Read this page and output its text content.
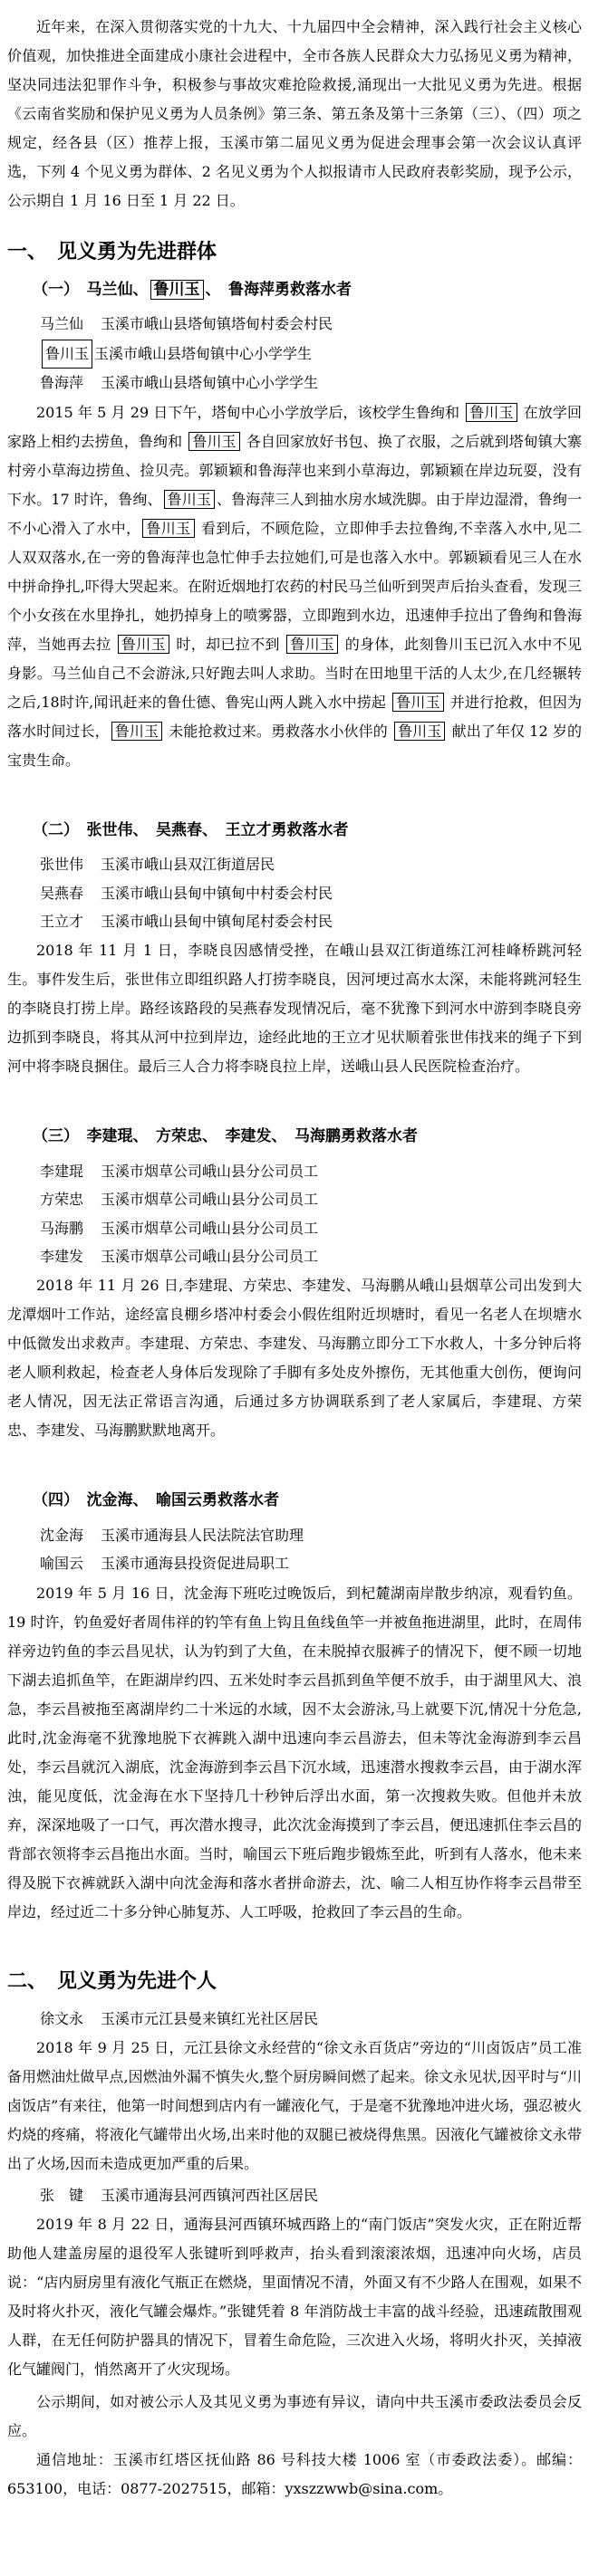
近年来，在深入贯彻落实党的十九大、十九届四中全会精神，深入践行社会主义核心价值观，加快推进全面建成小康社会进程中，全市各族人民群众大力弘扬见义勇为精神，坚决同违法犯罪作斗争，积极参与事故灾难抢险救援,涌现出一大批见义勇为先进。根据《云南省奖励和保护见义勇为人员条例》第三条、第五条及第十三条第（三）、（四）项之规定，经各县（区）推荐上报，玉溪市第二届见义勇为促进会理事会第一次会议认真评选，下列 4 个见义勇为群体、2 名见义勇为个人拟报请市人民政府表彰奖励，现予公示，公示期自 1 月 16 日至 1 月 22 日。

一、　见义勇为先进群体
（一）　马兰仙、 鲁川玉 、　鲁海萍勇救落水者
马兰仙 玉溪市峨山县塔甸镇塔甸村委会村民
鲁川玉 玉溪市峨山县塔甸镇中心小学学生
鲁海萍 玉溪市峨山县塔甸镇中心小学学生

2015 年 5 月 29 日下午，塔甸中心小学放学后，该校学生鲁绚和 鲁川玉 在放学回家路上相约去捞鱼，鲁绚和 鲁川玉 各自回家放好书包、换了衣服，之后就到塔甸镇大寨村旁小草海边捞鱼、捡贝壳。郭颖颖和鲁海萍也来到小草海边，郭颖颖在岸边玩耍，没有下水。17 时许，鲁绚、 鲁川玉 、鲁海萍三人到抽水房水域洗脚。由于岸边湿滑，鲁绚一不小心滑入了水中， 鲁川玉 看到后，不顾危险，立即伸手去拉鲁绚,不幸落入水中,见二人双双落水,在一旁的鲁海萍也急忙伸手去拉她们,可是也落入水中。郭颖颖看见三人在水中拼命挣扎,吓得大哭起来。在附近烟地打农药的村民马兰仙听到哭声后抬头查看，发现三个小女孩在水里挣扎，她扔掉身上的喷雾器，立即跑到水边，迅速伸手拉出了鲁绚和鲁海萍，当她再去拉 鲁川玉 时，却已拉不到 鲁川玉 的身体，此刻鲁川玉已沉入水中不见身影。马兰仙自己不会游泳,只好跑去叫人求助。当时在田地里干活的人太少,在几经辗转之后,18时许,闻讯赶来的鲁仕德、鲁宪山两人跳入水中捞起 鲁川玉 并进行抢救，但因为落水时间过长， 鲁川玉 未能抢救过来。勇救落水小伙伴的 鲁川玉 献出了年仅 12 岁的宝贵生命。

（二）　张世伟、　吴燕春、　王立才勇救落水者
张世伟 玉溪市峨山县双江街道居民
吴燕春 玉溪市峨山县甸中镇甸中村委会村民
王立才 玉溪市峨山县甸中镇甸尾村委会村民

2018 年 11 月 1 日，李晓良因感情受挫，在峨山县双江街道练江河桂峰桥跳河轻生。事件发生后，张世伟立即组织路人打捞李晓良，因河埂过高水太深，未能将跳河轻生的李晓良打捞上岸。路经该路段的吴燕春发现情况后，毫不犹豫下到河水中游到李晓良旁边抓到李晓良，将其从河中拉到岸边，途经此地的王立才见状顺着张世伟找来的绳子下到河中将李晓良捆住。最后三人合力将李晓良拉上岸，送峨山县人民医院检查治疗。

（三）　李建琨、　方荣忠、　李建发、　马海鹏勇救落水者
李建琨 玉溪市烟草公司峨山县分公司员工
方荣忠 玉溪市烟草公司峨山县分公司员工
马海鹏 玉溪市烟草公司峨山县分公司员工
李建发 玉溪市烟草公司峨山县分公司员工

2018 年 11 月 26 日,李建琨、方荣忠、李建发、马海鹏从峨山县烟草公司出发到大龙潭烟叶工作站，途经富良棚乡塔冲村委会小假佐组附近坝塘时，看见一名老人在坝塘水中低微发出求救声。李建琨、方荣忠、李建发、马海鹏立即分工下水救人，十多分钟后将老人顺利救起，检查老人身体后发现除了手脚有多处皮外擦伤，无其他重大创伤，便询问老人情况，因无法正常语言沟通，后通过多方协调联系到了老人家属后，李建琨、方荣忠、李建发、马海鹏默默地离开。

（四）　沈金海、　喻国云勇救落水者
沈金海 玉溪市通海县人民法院法官助理
喻国云 玉溪市通海县投资促进局职工

2019 年 5 月 16 日，沈金海下班吃过晚饭后，到杞麓湖南岸散步纳凉，观看钓鱼。19 时许，钓鱼爱好者周伟祥的钓竿有鱼上钩且鱼线鱼竿一并被鱼拖进湖里，此时，在周伟祥旁边钓鱼的李云昌见状，认为钓到了大鱼，在未脱掉衣服裤子的情况下，便不顾一切地下湖去追抓鱼竿，在距湖岸约四、五米处时李云昌抓到鱼竿便不放手，由于湖里风大、浪急，李云昌被拖至离湖岸约二十米远的水域，因不太会游泳,马上就要下沉,情况十分危急,此时,沈金海毫不犹豫地脱下衣裤跳入湖中迅速向李云昌游去，但未等沈金海游到李云昌处，李云昌就沉入湖底，沈金海游到李云昌下沉水域，迅速潜水搜救李云昌，由于湖水浑浊，能见度低，沈金海在水下坚持几十秒钟后浮出水面，第一次搜救失败。但他并未放弃，深深地吸了一口气，再次潜水搜寻，此次沈金海摸到了李云昌，便迅速抓住李云昌的背部衣领将李云昌拖出水面。当时，喻国云下班后跑步锻炼至此，听到有人落水，他未来得及脱下衣裤就跃入湖中向沈金海和落水者拼命游去，沈、喻二人相互协作将李云昌带至岸边，经过近二十多分钟心肺复苏、人工呼吸，抢救回了李云昌的生命。

二、　见义勇为先进个人
徐文永 玉溪市元江县曼来镇红光社区居民

2018 年 9 月 25 日，元江县徐文永经营的“徐文永百货店”旁边的“川卤饭店”员工准备用燃油灶做早点,因燃油外漏不慎失火,整个厨房瞬间燃了起来。徐文永见状,因平时与“川卤饭店”有来往，他第一时间想到店内有一罐液化气，于是毫不犹豫地冲进火场，强忍被火灼烧的疼痛，将液化气罐带出火场,出来时他的双腿已被烧得焦黑。因液化气罐被徐文永带出了火场,因而未造成更加严重的后果。

张　键 玉溪市通海县河西镇河西社区居民

2019 年 8 月 22 日，通海县河西镇环城西路上的“南门饭店”突发火灾，正在附近帮助他人建盖房屋的退役军人张键听到呼救声，抬头看到滚滚浓烟，迅速冲向火场，店员说：“店内厨房里有液化气瓶正在燃烧，里面情况不清，外面又有不少路人在围观，如果不及时将火扑灭，液化气罐会爆炸。”张键凭着 8 年消防战士丰富的战斗经验，迅速疏散围观人群，在无任何防护器具的情况下，冒着生命危险，三次进入火场，将明火扑灭，关掉液化气罐阀门，悄然离开了火灾现场。

公示期间，如对被公示人及其见义勇为事迹有异议，请向中共玉溪市委政法委员会反应。

通信地址：玉溪市红塔区抚仙路 86 号科技大楼 1006 室（市委政法委）。邮编：653100，电话：0877-2027515，邮箱：yxszzwwb@sina.com。
